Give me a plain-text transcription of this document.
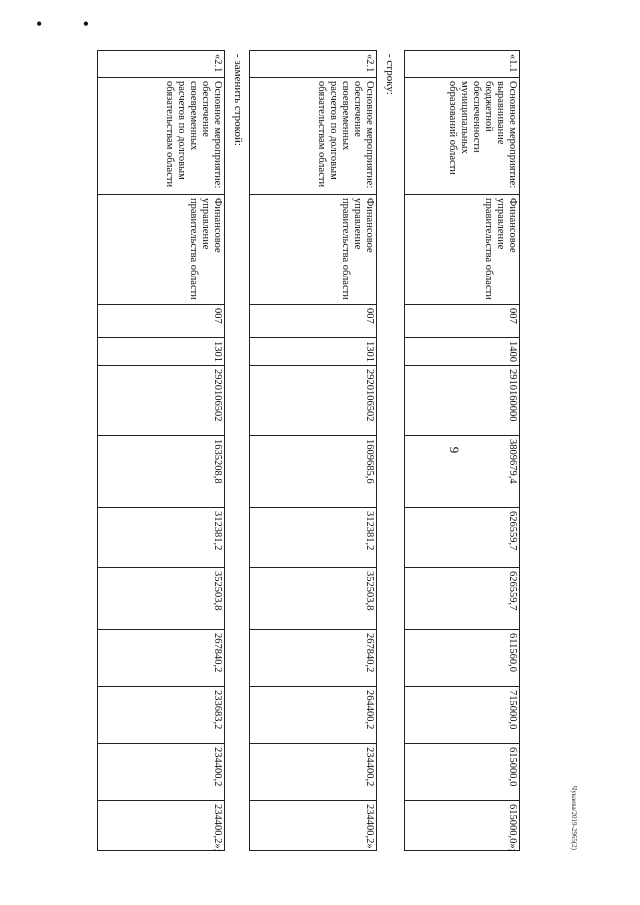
• •
Чукаева/2019-2965(2)
9
«1.1	Основное мероприятие: выравнивание бюджетной обеспеченности муниципальных образований области	Финансовое управление правительства области	007	1400	2910160000	3809679,4	626559,7	626559,7	611560,0	715000,0	615000,0	615000,0»;
- строку:
«2.1	Основное мероприятие: обеспечение своевременных расчетов по долговым обязательствам области	Финансовое управление правительства области	007	1301	2920106502	1609685,6	312381,2	352503,8	267840,2	264400,2	234400,2	234400,2»
- заменить строкой:
«2.1	Основное мероприятие: обеспечение своевременных расчетов по долговым обязательствам области	Финансовое управление правительства области	007	1301	2920106502	1635208,8	312381,2	352503,8	267840,2	233683,2	234400,2	234400,2»;
